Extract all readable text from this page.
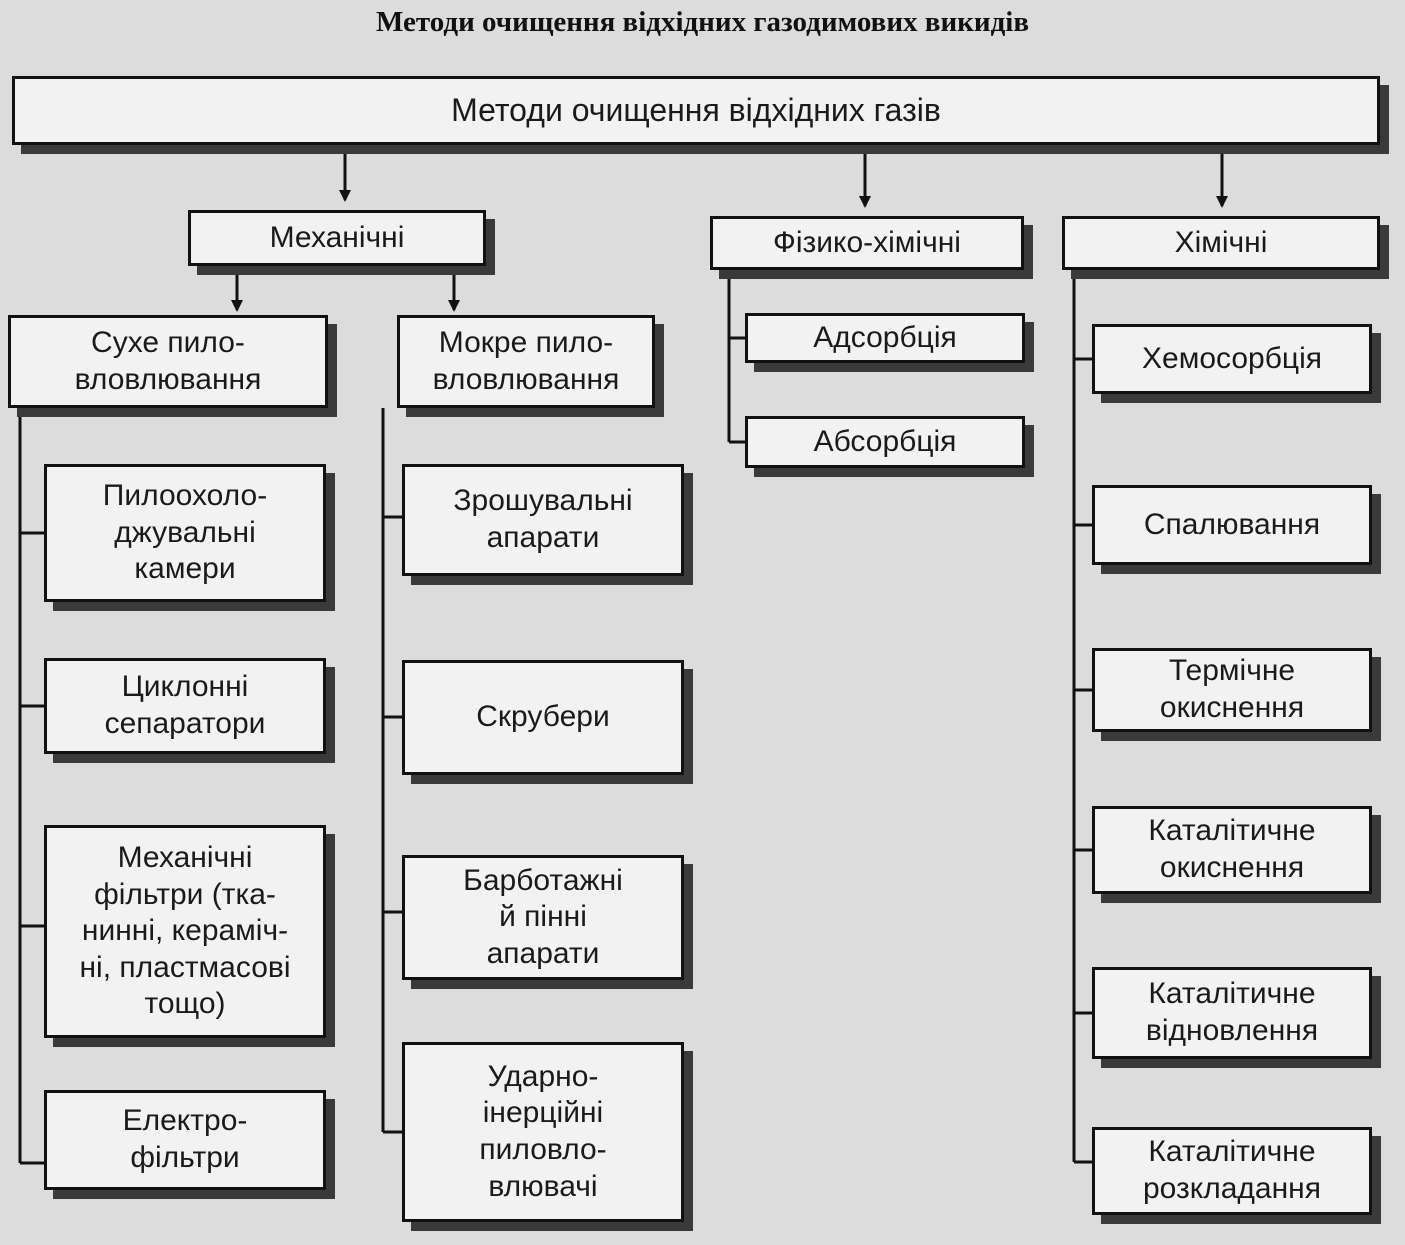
Методи очищення відхідних газодимових викидів
Методи очищення відхідних газів
Механічні	Фізико-хімічні	Хімічні
Сухе пило-
вловлювання
Пилоохоло-
джувальні
камери
Циклонні
сепаратори
Механічні
фільтри (тка-
нинні, кераміч-
ні, пластмасові
тощо)
Електро-
фільтри
Мокре пило-
вловлювання
Зрошувальні
апарати
Скрубери
Барботажні
й пінні
апарати
Ударно-
інерційні
пиловло-
влювачі
Адсорбція
Абсорбція
Хемосорбція
Спалювання
Термічне
окиснення
Каталітичне
окиснення
Каталітичне
відновлення
Каталітичне
розкладання
